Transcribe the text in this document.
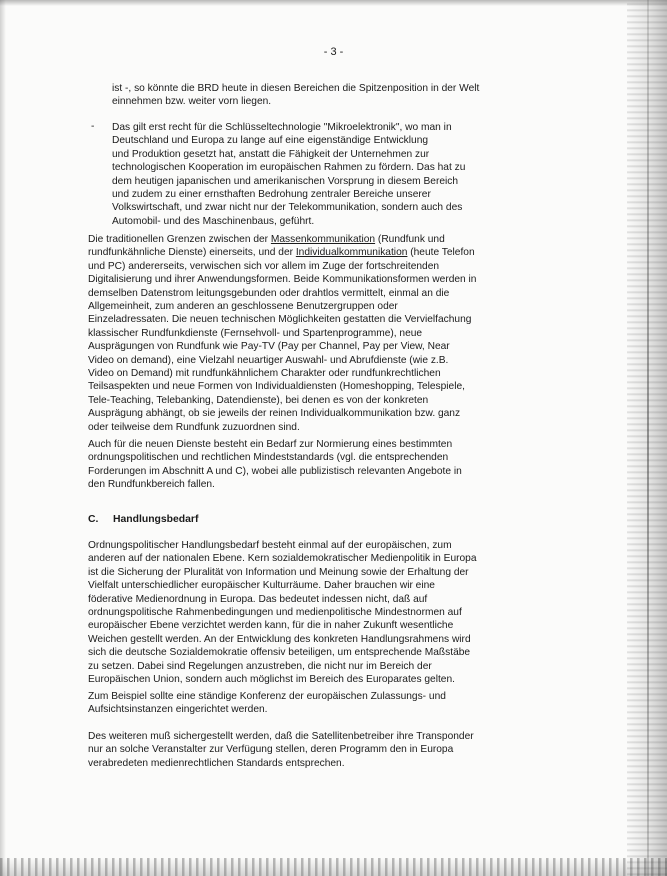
- 3 -
ist -, so könnte die BRD heute in diesen Bereichen die Spitzenposition in der Welt
einnehmen bzw. weiter vorn liegen.
- Das gilt erst recht für die Schlüsseltechnologie "Mikroelektronik", wo man in
Deutschland und Europa zu lange auf eine eigenständige Entwicklung
und Produktion gesetzt hat, anstatt die Fähigkeit der Unternehmen zur
technologischen Kooperation im europäischen Rahmen zu fördern. Das hat zu
dem heutigen japanischen und amerikanischen Vorsprung in diesem Bereich
und zudem zu einer ernsthaften Bedrohung zentraler Bereiche unserer
Volkswirtschaft, und zwar nicht nur der Telekommunikation, sondern auch des
Automobil- und des Maschinenbaus, geführt.
Die traditionellen Grenzen zwischen der Massenkommunikation (Rundfunk und
rundfunkähnliche Dienste) einerseits, und der Individualkommunikation (heute Telefon
und PC) andererseits, verwischen sich vor allem im Zuge der fortschreitenden
Digitalisierung und ihrer Anwendungsformen. Beide Kommunikationsformen werden in
demselben Datenstrom leitungsgebunden oder drahtlos vermittelt, einmal an die
Allgemeinheit, zum anderen an geschlossene Benutzergruppen oder
Einzeladressaten. Die neuen technischen Möglichkeiten gestatten die Vervielfachung
klassischer Rundfunkdienste (Fernsehvoll- und Spartenprogramme), neue
Ausprägungen von Rundfunk wie Pay-TV (Pay per Channel, Pay per View, Near
Video on demand), eine Vielzahl neuartiger Auswahl- und Abrufdienste (wie z.B.
Video on Demand) mit rundfunkähnlichem Charakter oder rundfunkrechtlichen
Teilsaspekten und neue Formen von Individualdiensten (Homeshopping, Telespiele,
Tele-Teaching, Telebanking, Datendienste), bei denen es von der konkreten
Ausprägung abhängt, ob sie jeweils der reinen Individualkommunikation bzw. ganz
oder teilweise dem Rundfunk zuzuordnen sind.
Auch für die neuen Dienste besteht ein Bedarf zur Normierung eines bestimmten
ordnungspolitischen und rechtlichen Mindeststandards (vgl. die entsprechenden
Forderungen im Abschnitt A und C), wobei alle publizistisch relevanten Angebote in
den Rundfunkbereich fallen.
C. Handlungsbedarf
Ordnungspolitischer Handlungsbedarf besteht einmal auf der europäischen, zum
anderen auf der nationalen Ebene. Kern sozialdemokratischer Medienpolitik in Europa
ist die Sicherung der Pluralität von Information und Meinung sowie der Erhaltung der
Vielfalt unterschiedlicher europäischer Kulturräume. Daher brauchen wir eine
föderative Medienordnung in Europa. Das bedeutet indessen nicht, daß auf
ordnungspolitische Rahmenbedingungen und medienpolitische Mindestnormen auf
europäischer Ebene verzichtet werden kann, für die in naher Zukunft wesentliche
Weichen gestellt werden. An der Entwicklung des konkreten Handlungsrahmens wird
sich die deutsche Sozialdemokratie offensiv beteiligen, um entsprechende Maßstäbe
zu setzen. Dabei sind Regelungen anzustreben, die nicht nur im Bereich der
Europäischen Union, sondern auch möglichst im Bereich des Europarates gelten.
Zum Beispiel sollte eine ständige Konferenz der europäischen Zulassungs- und
Aufsichtsinstanzen eingerichtet werden.
Des weiteren muß sichergestellt werden, daß die Satellitenbetreiber ihre Transponder
nur an solche Veranstalter zur Verfügung stellen, deren Programm den in Europa
verabredeten medienrechtlichen Standards entsprechen.
